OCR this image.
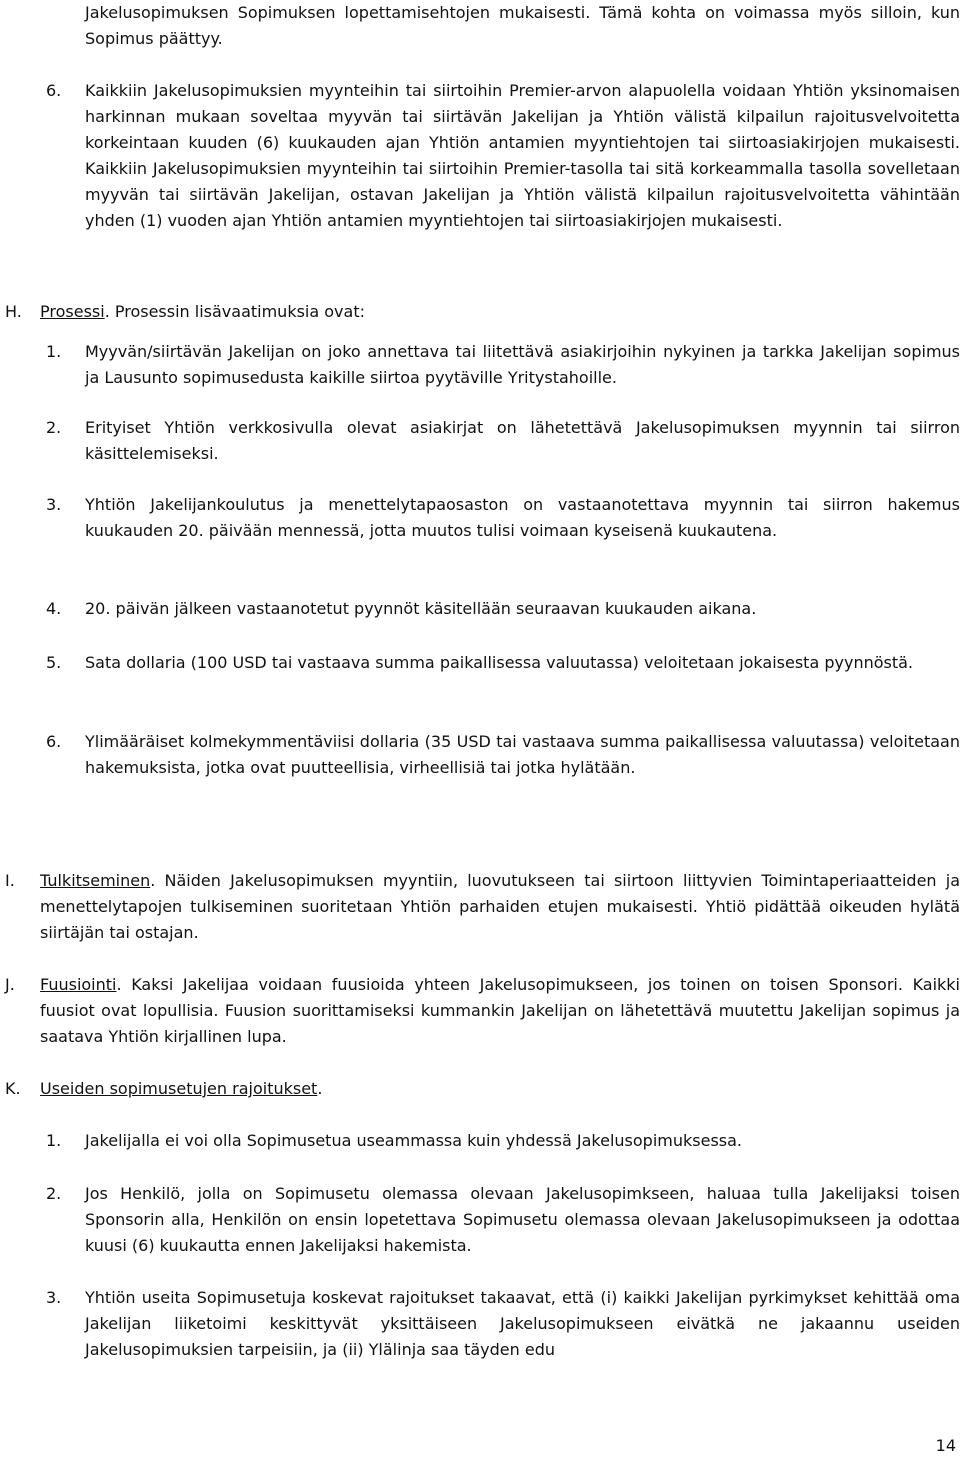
Jakelusopimuksen Sopimuksen lopettamisehtojen mukaisesti. Tämä kohta on voimassa myös silloin, kun Sopimus päättyy.
6. Kaikkiin Jakelusopimuksien myynteihin tai siirtoihin Premier-arvon alapuolella voidaan Yhtiön yksinomaisen harkinnan mukaan soveltaa myyvän tai siirtävän Jakelijan ja Yhtiön välistä kilpailun rajoitusvelvoitetta korkeintaan kuuden (6) kuukauden ajan Yhtiön antamien myyntiehtojen tai siirtoasiakirjojen mukaisesti. Kaikkiin Jakelusopimuksien myynteihin tai siirtoihin Premier-tasolla tai sitä korkeammalla tasolla sovelletaan myyvän tai siirtävän Jakelijan, ostavan Jakelijan ja Yhtiön välistä kilpailun rajoitusvelvoitetta vähintään yhden (1) vuoden ajan Yhtiön antamien myyntiehtojen tai siirtoasiakirjojen mukaisesti.
H. Prosessi. Prosessin lisävaatimuksia ovat:
1. Myyvän/siirtävän Jakelijan on joko annettava tai liitettävä asiakirjoihin nykyinen ja tarkka Jakelijan sopimus ja Lausunto sopimusedusta kaikille siirtoa pyytäville Yritystahoille.
2. Erityiset Yhtiön verkkosivulla olevat asiakirjat on lähetettävä Jakelusopimuksen myynnin tai siirron käsittelemiseksi.
3. Yhtiön Jakelijankoulutus ja menettelytapaosaston on vastaanotettava myynnin tai siirron hakemus kuukauden 20. päivään mennessä, jotta muutos tulisi voimaan kyseisenä kuukautena.
4. 20. päivän jälkeen vastaanotetut pyynnöt käsitellään seuraavan kuukauden aikana.
5. Sata dollaria (100 USD tai vastaava summa paikallisessa valuutassa) veloitetaan jokaisesta pyynnöstä.
6. Ylimääräiset kolmekymmentäviisi dollaria (35 USD tai vastaava summa paikallisessa valuutassa) veloitetaan hakemuksista, jotka ovat puutteellisia, virheellisiä tai jotka hylätään.
I. Tulkitseminen. Näiden Jakelusopimuksen myyntiin, luovutukseen tai siirtoon liittyvien Toimintaperiaatteiden ja menettelytapojen tulkiseminen suoritetaan Yhtiön parhaiden etujen mukaisesti. Yhtiö pidättää oikeuden hylätä siirtäjän tai ostajan.
J. Fuusiointi. Kaksi Jakelijaa voidaan fuusioida yhteen Jakelusopimukseen, jos toinen on toisen Sponsori. Kaikki fuusiot ovat lopullisia. Fuusion suorittamiseksi kummankin Jakelijan on lähetettävä muutettu Jakelijan sopimus ja saatava Yhtiön kirjallinen lupa.
K. Useiden sopimusetujen rajoitukset.
1. Jakelijalla ei voi olla Sopimusetua useammassa kuin yhdessä Jakelusopimuksessa.
2. Jos Henkilö, jolla on Sopimusetu olemassa olevaan Jakelusopimkseen, haluaa tulla Jakelijaksi toisen Sponsorin alla, Henkilön on ensin lopetettava Sopimusetu olemassa olevaan Jakelusopimukseen ja odottaa kuusi (6) kuukautta ennen Jakelijaksi hakemista.
3. Yhtiön useita Sopimusetuja koskevat rajoitukset takaavat, että (i) kaikki Jakelijan pyrkimykset kehittää oma Jakelijan liiketoimi keskittyvät yksittäiseen Jakelusopimukseen eivätkä ne jakaannu useiden Jakelusopimuksien tarpeisiin, ja (ii) Ylälinja saa täyden edu
14
